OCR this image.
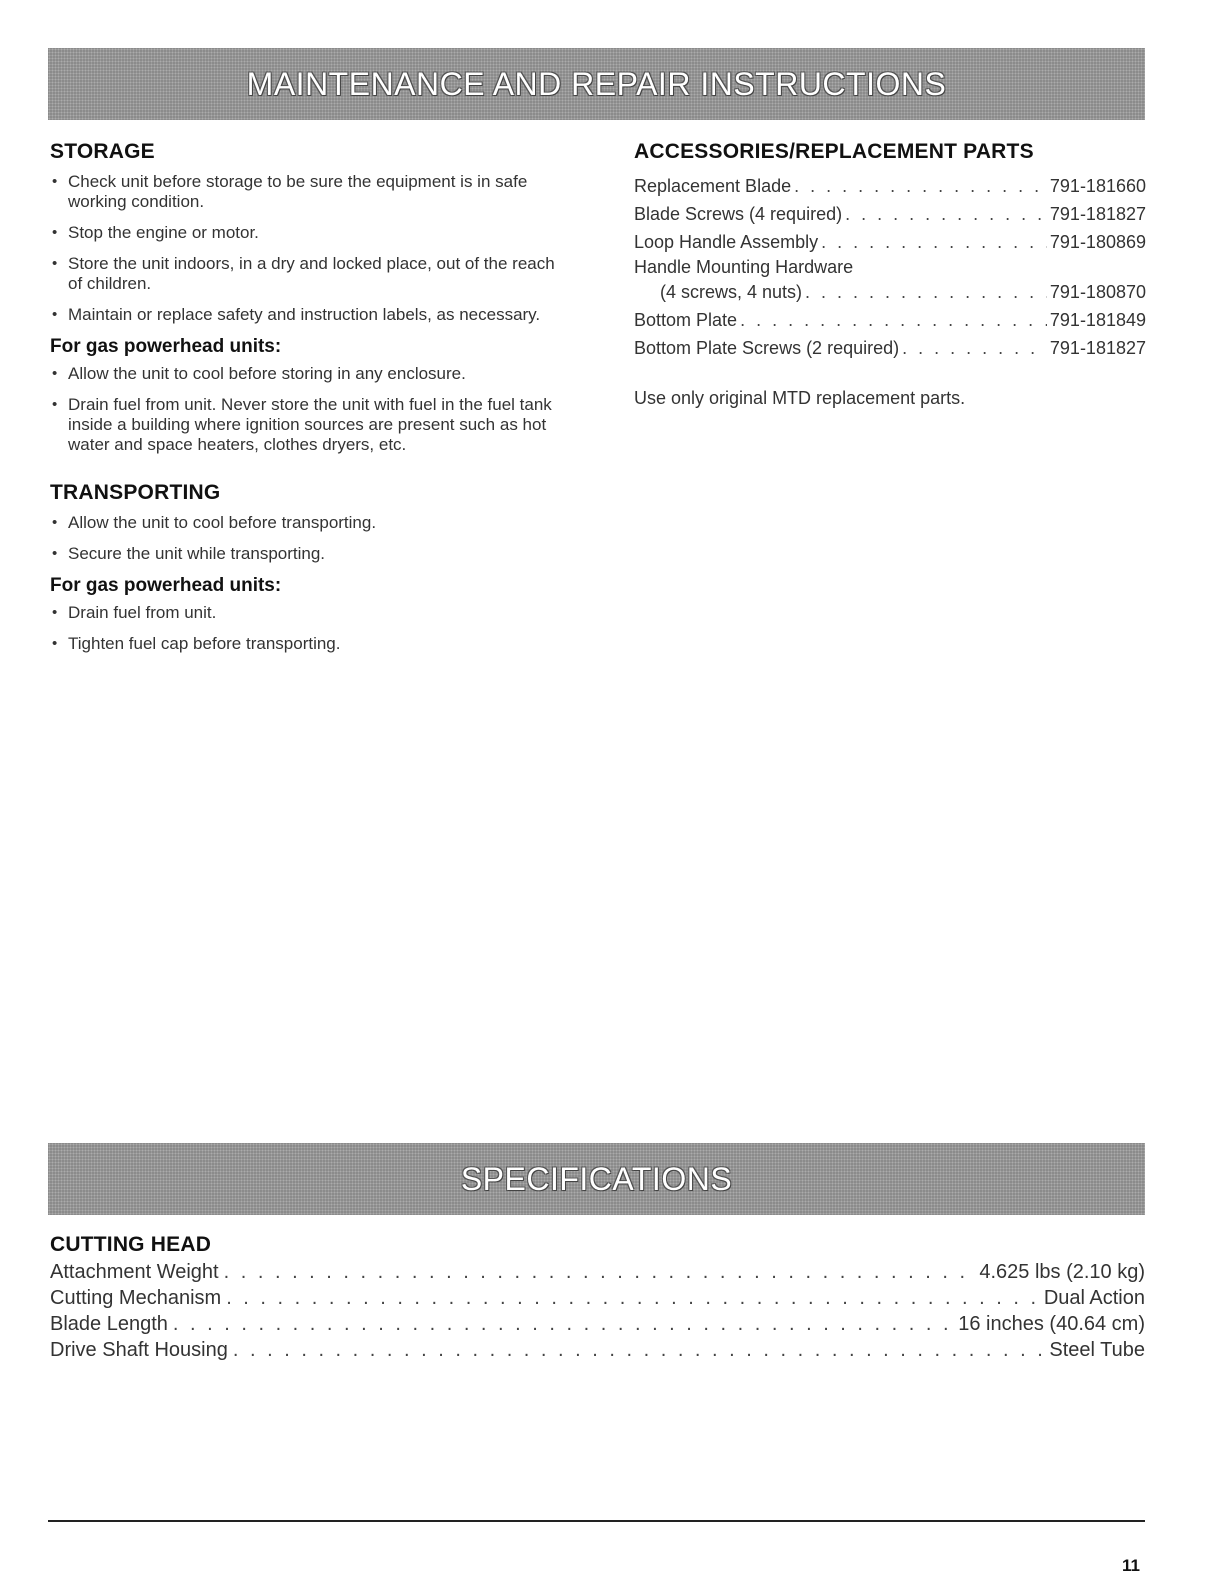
MAINTENANCE AND REPAIR INSTRUCTIONS
STORAGE
• Check unit before storage to be sure the equipment is in safe working condition.
• Stop the engine or motor.
• Store the unit indoors, in a dry and locked place, out of the reach of children.
• Maintain or replace safety and instruction labels, as necessary.
For gas powerhead units:
• Allow the unit to cool before storing in any enclosure.
• Drain fuel from unit. Never store the unit with fuel in the fuel tank inside a building where ignition sources are present such as hot water and space heaters, clothes dryers, etc.
TRANSPORTING
• Allow the unit to cool before transporting.
• Secure the unit while transporting.
For gas powerhead units:
• Drain fuel from unit.
• Tighten fuel cap before transporting.
ACCESSORIES/REPLACEMENT PARTS
Replacement Blade . . .	791-181660
Blade Screws (4 required) . . .	791-181827
Loop Handle Assembly . . .	791-180869
Handle Mounting Hardware
(4 screws, 4 nuts) . . .	791-180870
Bottom Plate . . .	791-181849
Bottom Plate Screws (2 required) . . .	791-181827
Use only original MTD replacement parts.
SPECIFICATIONS
CUTTING HEAD
Attachment Weight . . .	4.625 lbs (2.10 kg)
Cutting Mechanism . . .	Dual Action
Blade Length . . .	16 inches (40.64 cm)
Drive Shaft Housing . . .	Steel Tube
11
